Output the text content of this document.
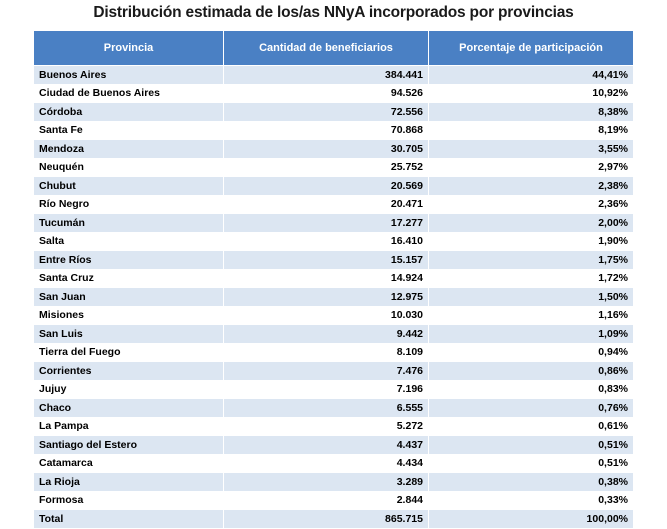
Distribución estimada de los/as NNyA incorporados por provincias
Provincia	Cantidad de beneficiarios	Porcentaje de participación
Buenos Aires	384.441	44,41%
Ciudad de Buenos Aires	94.526	10,92%
Córdoba	72.556	8,38%
Santa Fe	70.868	8,19%
Mendoza	30.705	3,55%
Neuquén	25.752	2,97%
Chubut	20.569	2,38%
Río Negro	20.471	2,36%
Tucumán	17.277	2,00%
Salta	16.410	1,90%
Entre Ríos	15.157	1,75%
Santa Cruz	14.924	1,72%
San Juan	12.975	1,50%
Misiones	10.030	1,16%
San Luis	9.442	1,09%
Tierra del Fuego	8.109	0,94%
Corrientes	7.476	0,86%
Jujuy	7.196	0,83%
Chaco	6.555	0,76%
La Pampa	5.272	0,61%
Santiago del Estero	4.437	0,51%
Catamarca	4.434	0,51%
La Rioja	3.289	0,38%
Formosa	2.844	0,33%
Total	865.715	100,00%
